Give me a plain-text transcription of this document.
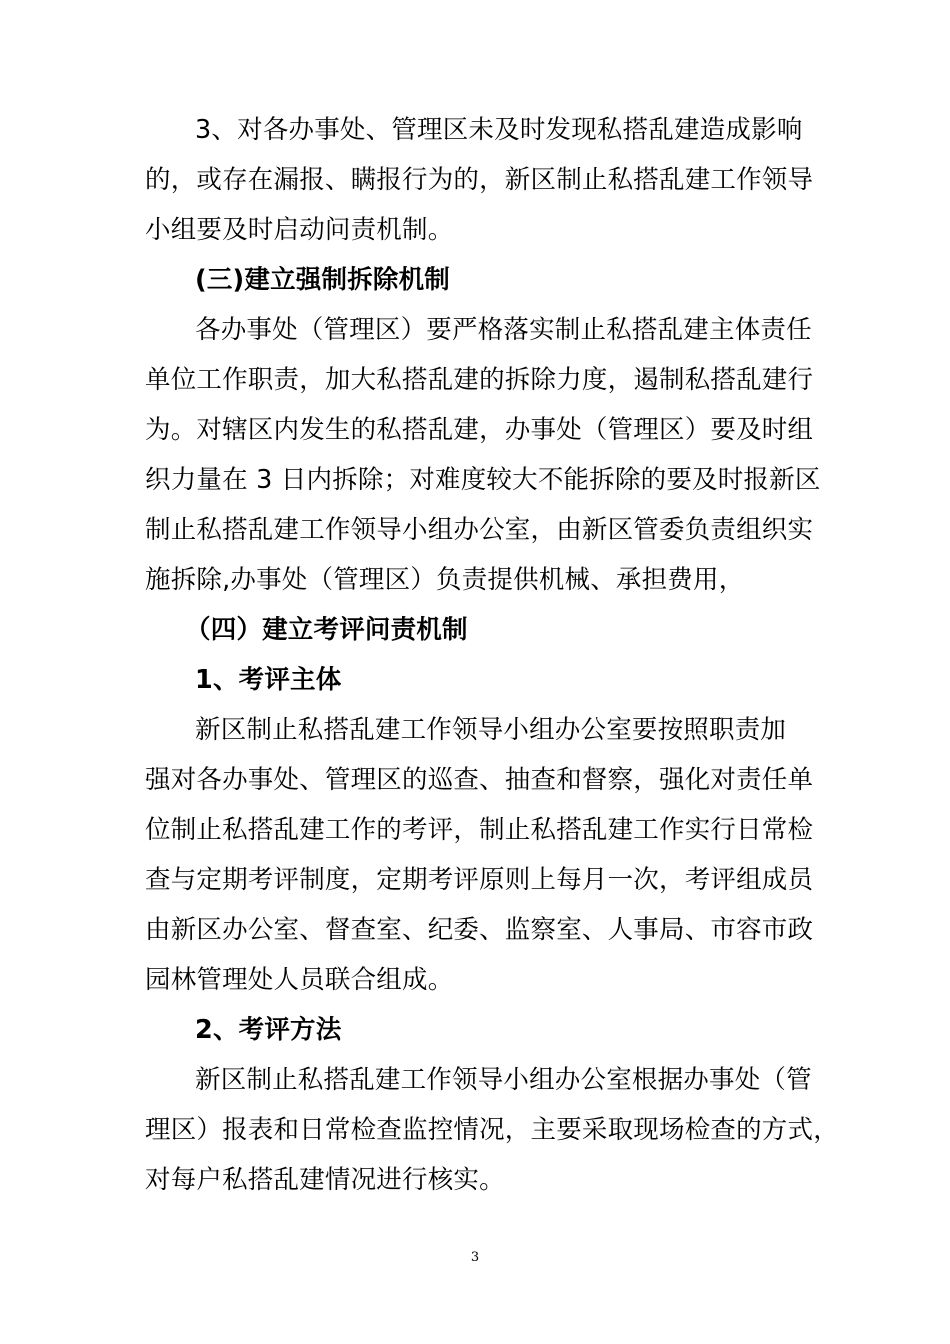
3、对各办事处、管理区未及时发现私搭乱建造成影响
的，或存在漏报、瞒报行为的，新区制止私搭乱建工作领导
小组要及时启动问责机制。
(三)建立强制拆除机制
各办事处（管理区）要严格落实制止私搭乱建主体责任
单位工作职责，加大私搭乱建的拆除力度，遏制私搭乱建行
为。对辖区内发生的私搭乱建，办事处（管理区）要及时组
织力量在 3 日内拆除；对难度较大不能拆除的要及时报新区
制止私搭乱建工作领导小组办公室，由新区管委负责组织实
施拆除,办事处（管理区）负责提供机械、承担费用，
（四）建立考评问责机制
1、考评主体
新区制止私搭乱建工作领导小组办公室要按照职责加
强对各办事处、管理区的巡查、抽查和督察，强化对责任单
位制止私搭乱建工作的考评，制止私搭乱建工作实行日常检
查与定期考评制度，定期考评原则上每月一次，考评组成员
由新区办公室、督查室、纪委、监察室、人事局、市容市政
园林管理处人员联合组成。
2、考评方法
新区制止私搭乱建工作领导小组办公室根据办事处（管
理区）报表和日常检查监控情况，主要采取现场检查的方式，
对每户私搭乱建情况进行核实。
3
